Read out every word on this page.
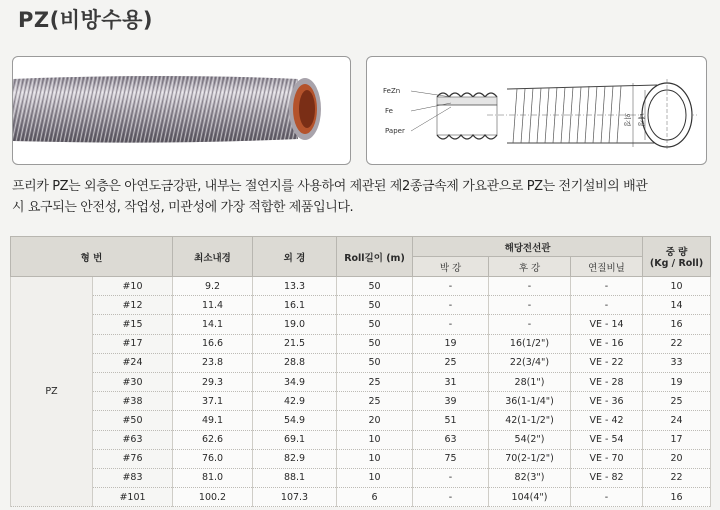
PZ(비방수용)
FeZn
Fe
Paper
외경 내경

프리카 PZ는 외층은 아연도금강판, 내부는 절연지를 사용하여 제관된 제2종금속제 가요관으로 PZ는 전기설비의 배관

시 요구되는 안전성, 작업성, 미관성에 가장 적합한 제품입니다.

형 번		최소내경	외 경	Roll길이 (m)	해당전선관			중 량
(Kg / Roll)

					박 강	후 강	연질비닐	
PZ	#10	9.2	13.3	50	-	-	-	10
	#12	11.4	16.1	50	-	-	-	14
	#15	14.1	19.0	50	-	-	VE - 14	16
	#17	16.6	21.5	50	19	16(1/2")	VE - 16	22
	#24	23.8	28.8	50	25	22(3/4")	VE - 22	33
	#30	29.3	34.9	25	31	28(1")	VE - 28	19
	#38	37.1	42.9	25	39	36(1-1/4")	VE - 36	25
	#50	49.1	54.9	20	51	42(1-1/2")	VE - 42	24
	#63	62.6	69.1	10	63	54(2")	VE - 54	17
	#76	76.0	82.9	10	75	70(2-1/2")	VE - 70	20
	#83	81.0	88.1	10	-	82(3")	VE - 82	22
	#101	100.2	107.3	6	-	104(4")	-	16
